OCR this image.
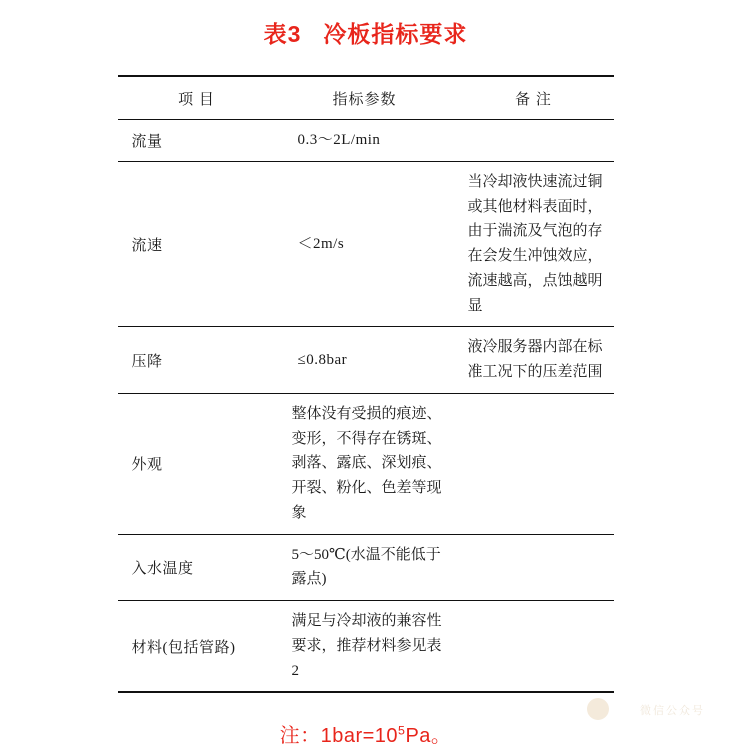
表3 冷板指标要求
项 目	指标参数	备 注
流量	0.3～2L/min	
流速	＜2m/s	当冷却液快速流过铜或其他材料表面时，由于湍流及气泡的存在会发生冲蚀效应，流速越高，点蚀越明显
压降	≤0.8bar	液冷服务器内部在标准工况下的压差范围
外观	整体没有受损的痕迹、变形，不得存在锈斑、剥落、露底、深划痕、开裂、粉化、色差等现象	
入水温度	5～50℃(水温不能低于露点)	
材料(包括管路)	满足与冷却液的兼容性要求，推荐材料参见表2	
注：$1bar=10^5Pa$。
微信公众号
